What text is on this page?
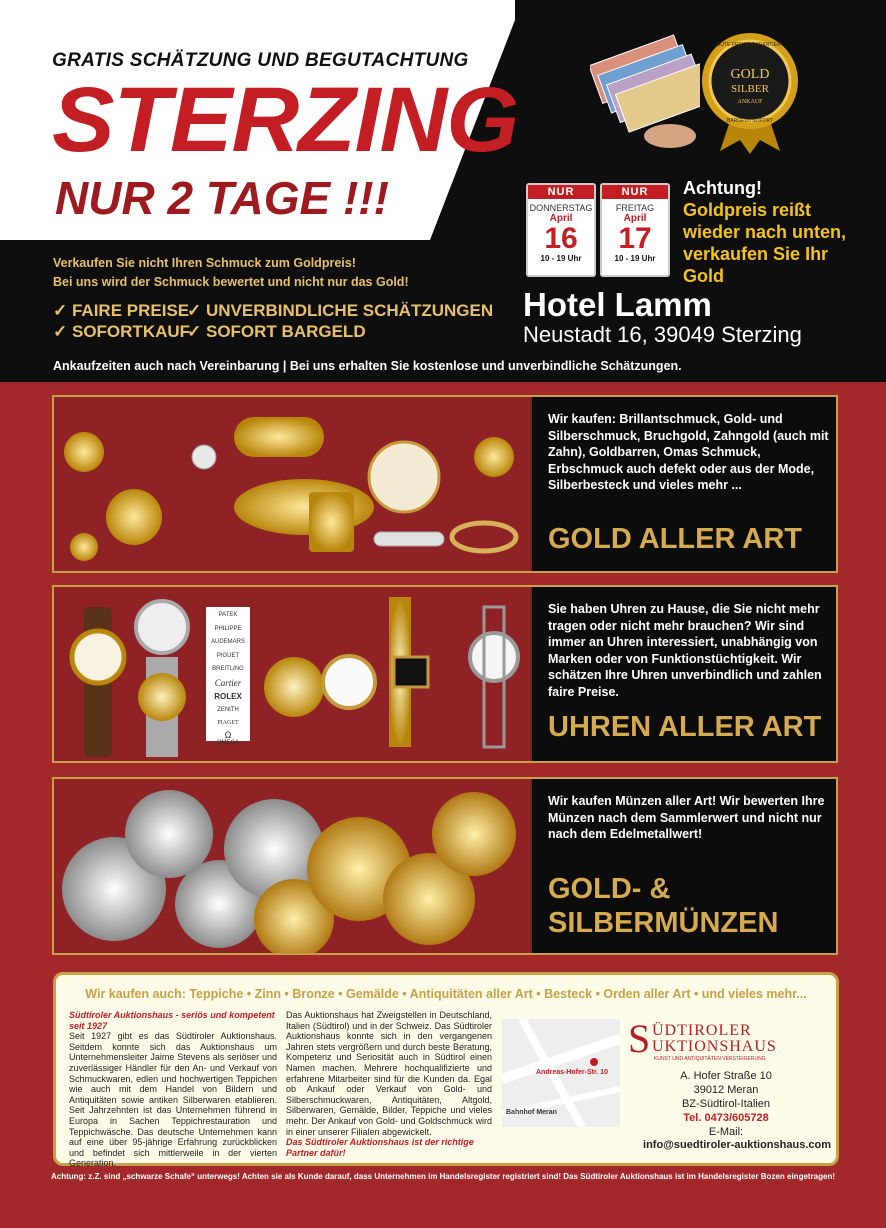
GRATIS SCHÄTZUNG UND BEGUTACHTUNG
STERZING
NUR 2 TAGE !!!
GOLD
SILBER
ANKAUF
GUTE PREISE GARANTIERT
BARGELD SOFORT
NUR
DONNERSTAG
April
16
10 - 19 Uhr
NUR
FREITAG
April
17
10 - 19 Uhr
Achtung!
Goldpreis reißt wieder nach unten, verkaufen Sie Ihr Gold
Hotel Lamm
Neustadt 16, 39049 Sterzing
Verkaufen Sie nicht Ihren Schmuck zum Goldpreis!
Bei uns wird der Schmuck bewertet und nicht nur das Gold!
✓ FAIRE PREISE
✓ UNVERBINDLICHE SCHÄTZUNGEN
✓ SOFORTKAUF
✓ SOFORT BARGELD
Ankaufzeiten auch nach Vereinbarung | Bei uns erhalten Sie kostenlose und unverbindliche Schätzungen.
Wir kaufen: Brillantschmuck, Gold- und Silberschmuck, Bruchgold, Zahngold (auch mit Zahn), Goldbarren, Omas Schmuck, Erbschmuck auch defekt oder aus der Mode, Silberbesteck und vieles mehr ...
GOLD ALLER ART
PATEK PHILIPPE
AUDEMARS PIGUET
BREITLING
Cartier
ROLEX
ZENITH
PIAGET
Ω
OMEGA
Sie haben Uhren zu Hause, die Sie nicht mehr tragen oder nicht mehr brauchen? Wir sind immer an Uhren interessiert, unabhängig von Marken oder von Funktionstüchtigkeit. Wir schätzen Ihre Uhren unverbindlich und zahlen faire Preise.
UHREN ALLER ART
Wir kaufen Münzen aller Art! Wir bewerten Ihre Münzen nach dem Sammlerwert und nicht nur nach dem Edelmetallwert!
GOLD- &
SILBERMÜNZEN
Wir kaufen auch: Teppiche • Zinn • Bronze • Gemälde • Antiquitäten aller Art • Besteck • Orden aller Art • und vieles mehr...
Südtiroler Auktionshaus - seriös und kompetent seit 1927
Seit 1927 gibt es das Südtiroler Auktionshaus. Seitdem konnte sich das Auktionshaus um Unternehmensleiter Jaime Stevens als seriöser und zuverlässiger Händler für den An- und Verkauf von Schmuckwaren, edlen und hochwertigen Teppichen wie auch mit dem Handel von Bildern und Antiquitäten sowie antiken Silberwaren etablieren. Seit Jahrzehnten ist das Unternehmen führend in Europa in Sachen Teppichrestauration und Teppichwäsche. Das deutsche Unternehmen kann auf eine über 95-jährige Erfahrung zurückblicken und befindet sich mittlerweile in der vierten Generation.
Das Auktionshaus hat Zweigstellen in Deutschland, Italien (Südtirol) und in der Schweiz. Das Südtiroler Auktionshaus konnte sich in den vergangenen Jahren stets vergrößern und durch beste Beratung, Kompetenz und Seriosität auch in Südtirol einen Namen machen. Mehrere hochqualifizierte und erfahrene Mitarbeiter sind für die Kunden da. Egal ob Ankauf oder Verkauf von Gold- und Silberschmuckwaren, Antiquitäten, Altgold, Silberwaren, Gemälde, Bilder, Teppiche und vieles mehr. Der Ankauf von Gold- und Goldschmuck wird in einer unserer Filialen abgewickelt.
Das Südtiroler Auktionshaus ist der richtige Partner dafür!
Andreas-Hofer-Str. 10
Bahnhof Meran
S ÜDTIROLER
UKTIONSHAUS
KUNST UND ANTIQUITÄTEN VERSTEIGERUNG
A. Hofer Straße 10
39012 Meran
BZ-Südtirol-Italien
Tel. 0473/605728
E-Mail:
info@suedtiroler-auktionshaus.com
Achtung: z.Z. sind „schwarze Schafe“ unterwegs! Achten sie als Kunde darauf, dass Unternehmen im Handelsregister registriert sind! Das Südtiroler Auktionshaus ist im Handelsregister Bozen eingetragen!
